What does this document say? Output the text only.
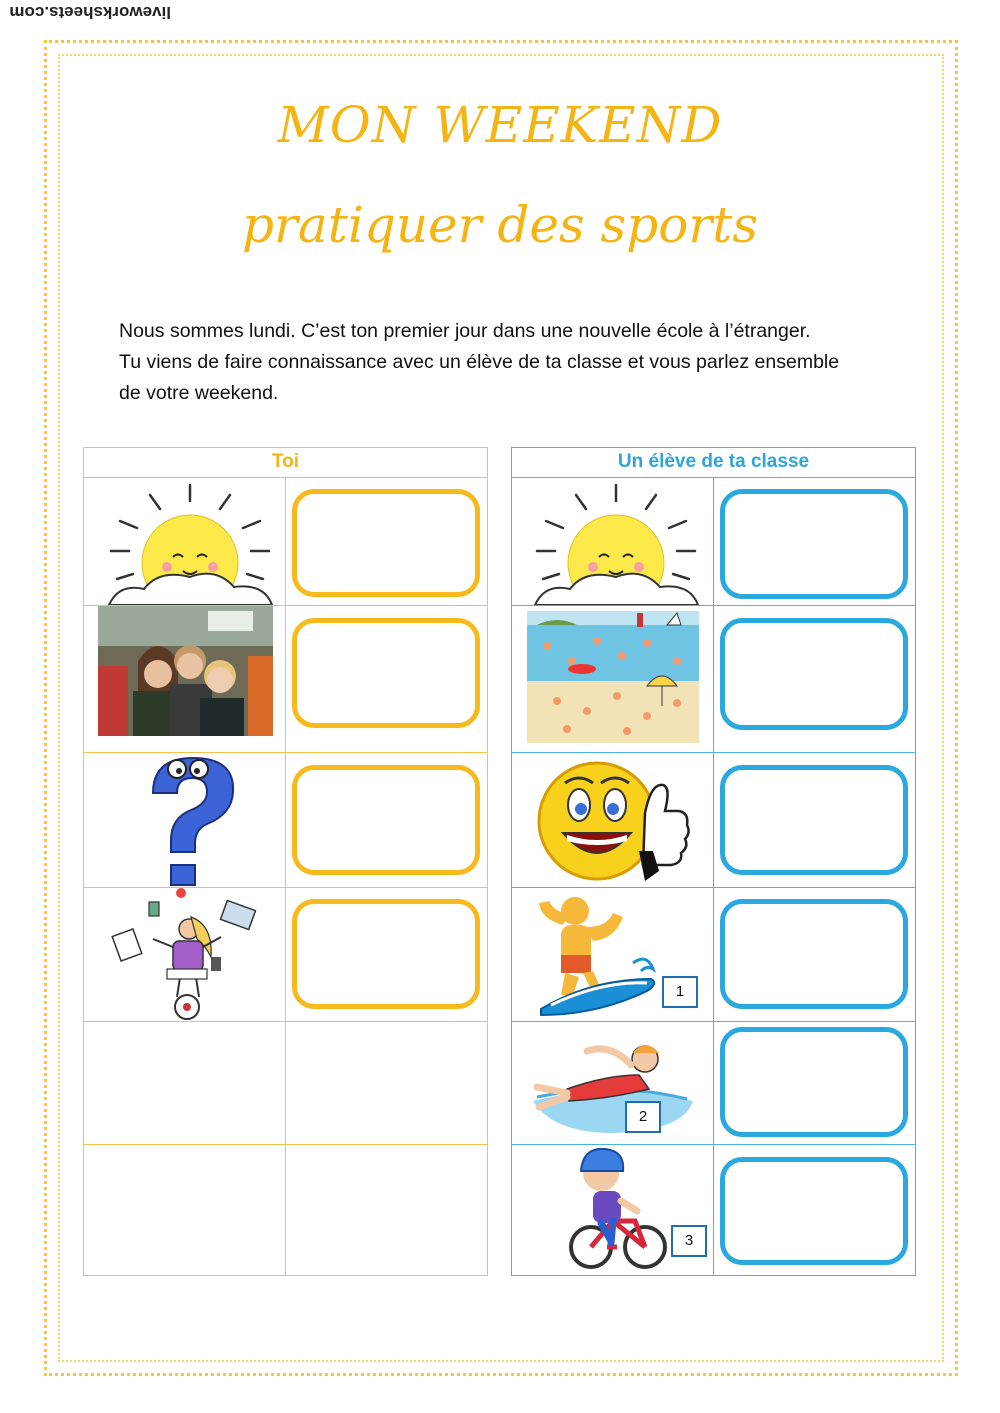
liveworksheets.com
MON WEEKEND
pratiquer des sports

Nous sommes lundi. C’est ton premier jour dans une nouvelle école à l’étranger.

Tu viens de faire connaissance avec un élève de ta classe et vous parlez ensemble

de votre weekend.

Toi	Un élève de ta classe
1
2
3
